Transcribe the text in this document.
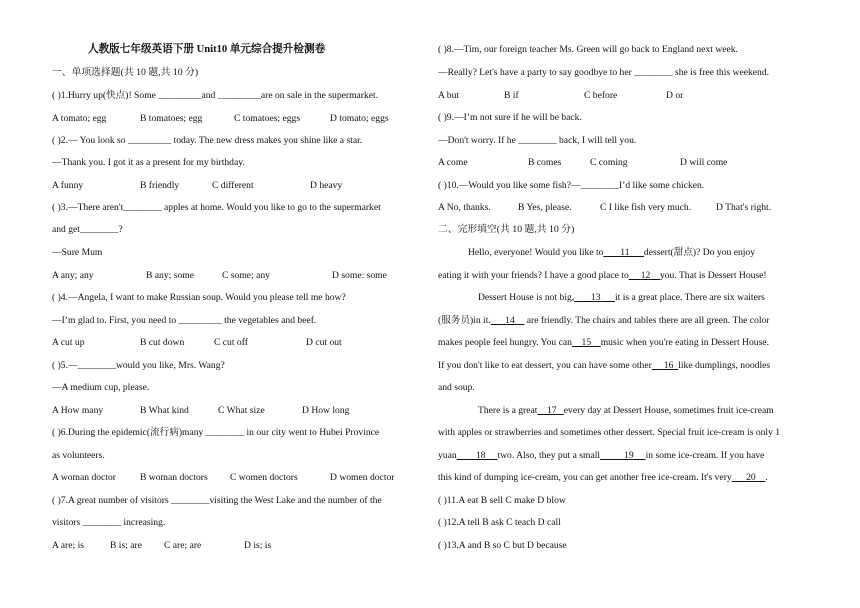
人教版七年级英语下册 Unit10 单元综合提升检测卷
一、单项选择题(共 10 题,共 10 分)
( )1.Hurry up(快点)! Some _________and _________are on sale in the supermarket.
A tomato; egg	B tomatoes; egg	C tomatoes; eggs	D tomato; eggs
( )2.— You look so _________ today. The new dress makes you shine like a star.
—Thank you. I got it as a present for my birthday.
A funny	B friendly	C different	D heavy
( )3.—There aren't________ apples at home. Would you like to go to the supermarket
and get________?
—Sure Mum
A any; any	B any; some	C some; any	D some: some
( )4.—Angela, I want to make Russian soup. Would you please tell me how?
—I’m glad to. First, you need to _________ the vegetables and beef.
A cut up	B cut down	C cut off	D cut out
( )5.—________would you like, Mrs. Wang?
—A medium cup, please.
A How many	B What kind	C What size	D How long
( )6.During the epidemic(流行病)many ________ in our city went to Hubei Province
as volunteers.
A woman doctor	B woman doctors C women doctors	D women doctor
( )7.A great number of visitors ________visiting the West Lake and the number of the
visitors ________ increasing.
A are; is	B is; are C are; are	D is; is
( )8.—Tim, our foreign teacher Ms. Green will go back to England next week.
—Really? Let's have a party to say goodbye to her ________ she is free this weekend.
A but	B if	C before	D or
( )9.—I’m not sure if he will be back.
—Don't worry. If he ________ back, I will tell you.
A come	B comes	C coming	D will come
( )10.—Would you like some fish?—________I’d like some chicken.
A No, thanks.	B Yes, please.	C I like fish very much.	D That's right.
二、完形填空(共 10 题,共 10 分)
Hello, everyone! Would you like to 11 dessert(甜点)? Do you enjoy
eating it with your friends? I have a good place to 12 you. That is Dessert House!
Dessert House is not big, 13 it is a great place. There are six waiters
(服务员)in it. 14     are friendly. The chairs and tables there are all green. The color
makes people feel hungry. You can 15 music when you're eating in Dessert House.
If you don't like to eat dessert, you can have some other 16 like dumplings, noodles
and soup.
There is a great 17 every day at Dessert House, sometimes fruit ice-cream
with apples or strawberries and sometimes other dessert. Special fruit ice-cream is only 1
yuan 18 two. Also, they put a small 19 in some ice-cream. If you have
this kind of dumping ice-cream, you can get another free ice-cream. It's very 20 .
( )11.A eat B sell C make D blow
( )12.A tell B ask C teach D call
( )13.A and B so C but D because
